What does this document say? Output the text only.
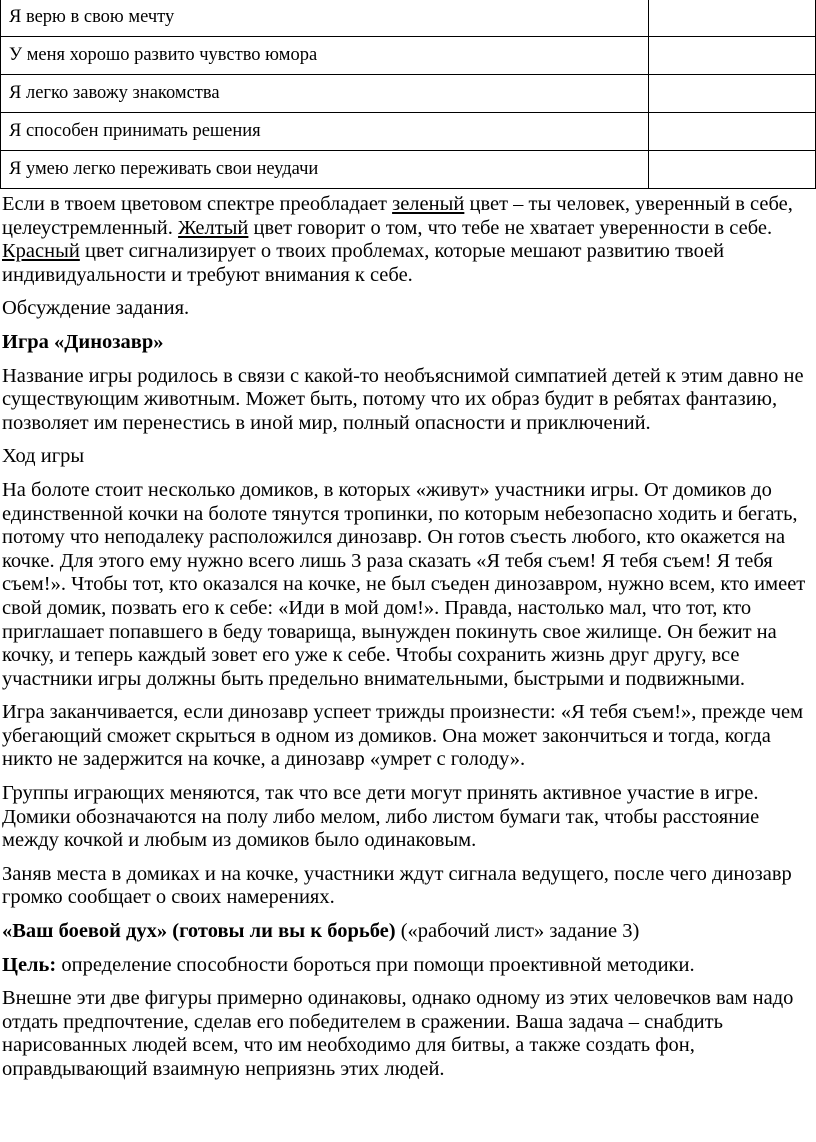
Я верю в свою мечту	
У меня хорошо развито чувство юмора	
Я легко завожу знакомства	
Я способен принимать решения	
Я умею легко переживать свои неудачи	

Если в твоем цветовом спектре преобладает зеленый цвет – ты человек, уверенный в себе, целеустремленный. Желтый цвет говорит о том, что тебе не хватает уверенности в себе. Красный цвет сигнализирует о твоих проблемах, которые мешают развитию твоей индивидуальности и требуют внимания к себе.

Обсуждение задания.

Игра «Динозавр»

Название игры родилось в связи с какой-то необъяснимой симпатией детей к этим давно не существующим животным. Может быть, потому что их образ будит в ребятах фантазию, позволяет им перенестись в иной мир, полный опасности и приключений.

Ход игры

На болоте стоит несколько домиков, в которых «живут» участники игры. От домиков до единственной кочки на болоте тянутся тропинки, по которым небезопасно ходить и бегать, потому что неподалеку расположился динозавр. Он готов съесть любого, кто окажется на кочке. Для этого ему нужно всего лишь 3 раза сказать «Я тебя съем! Я тебя съем! Я тебя съем!». Чтобы тот, кто оказался на кочке, не был съеден динозавром, нужно всем, кто имеет свой домик, позвать его к себе: «Иди в мой дом!». Правда, настолько мал, что тот, кто приглашает попавшего в беду товарища, вынужден покинуть свое жилище. Он бежит на кочку, и теперь каждый зовет его уже к себе. Чтобы сохранить жизнь друг другу, все участники игры должны быть предельно внимательными, быстрыми и подвижными.

Игра заканчивается, если динозавр успеет трижды произнести: «Я тебя съем!», прежде чем убегающий сможет скрыться в одном из домиков. Она может закончиться и тогда, когда никто не задержится на кочке, а динозавр «умрет с голоду».

Группы играющих меняются, так что все дети могут принять активное участие в игре. Домики обозначаются на полу либо мелом, либо листом бумаги так, чтобы расстояние между кочкой и любым из домиков было одинаковым.

Заняв места в домиках и на кочке, участники ждут сигнала ведущего, после чего динозавр громко сообщает о своих намерениях.

«Ваш боевой дух» (готовы ли вы к борьбе) («рабочий лист» задание 3)

Цель: определение способности бороться при помощи проективной методики.

Внешне эти две фигуры примерно одинаковы, однако одному из этих человечков вам надо отдать предпочтение, сделав его победителем в сражении. Ваша задача – снабдить нарисованных людей всем, что им необходимо для битвы, а также создать фон, оправдывающий взаимную неприязнь этих людей.
